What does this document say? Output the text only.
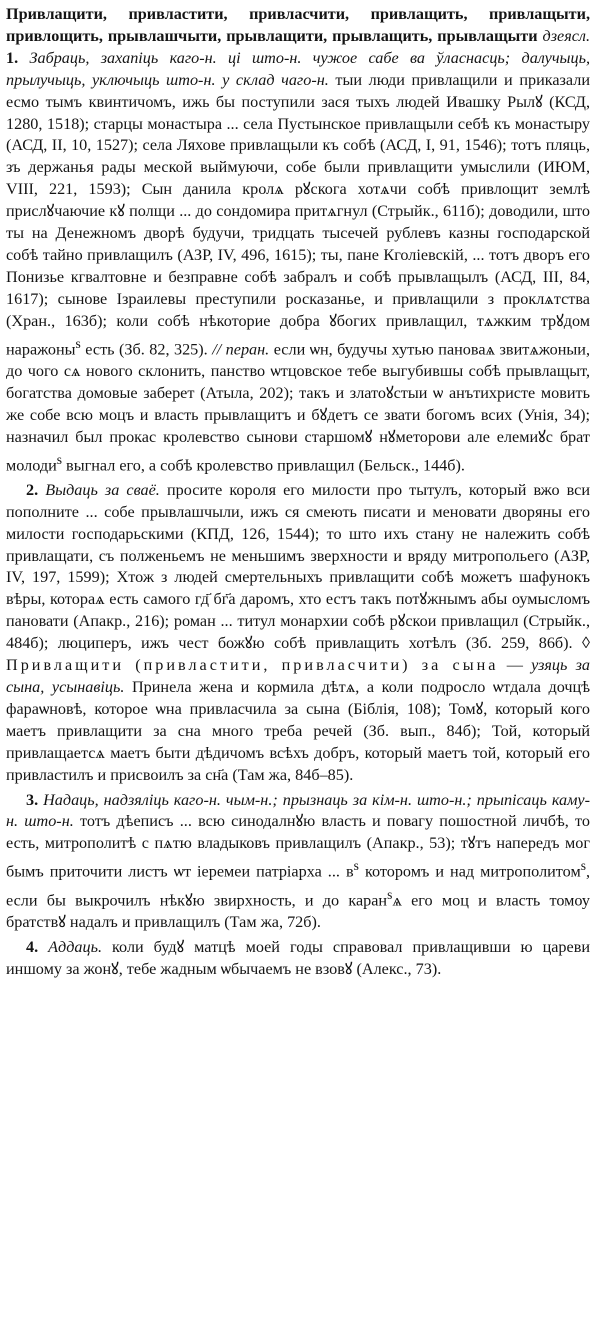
Привлащити, привластити, привласчити, привлащить, привлащыти, привлощить, прывлашчыти, прывлащити, прывлащить, прывлащыти дзеясл. 1. Забраць, захапіць каго-н. ці што-н. чужое сабе ва ўласнасць; далучыць, прылучыць, уключыць што-н. у склад чаго-н. тыи люди привлащили и приказали есмо тымъ квинтичомъ, ижь бы поступили зася тыхъ людей Ивашку Рылꙋ (КСД, 1280, 1518); старцы монастыра ... села Пустынское привлащыли себѣ къ монастыру (АСД, II, 10, 1527); села Ляхове привлащыли къ собѣ (АСД, I, 91, 1546); тотъ пляць, зъ держанья рады меской выймуючи, собе были привлащити умыслили (ИЮМ, VIII, 221, 1593); Сын данила кролѧ рꙋскога хотѧчи собѣ привлощит землѣ прислꙋчаючие кꙋ полщи ... до сондомира притѧгнул (Стрыйк., 611б); доводили, што ты на Денежномъ дворѣ будучи, тридцать тысечей рублевъ казны господарской собѣ тайно привлащилъ (АЗР, IV, 496, 1615); ты, пане Кголіевскій, ... тотъ дворъ его Понизье кгвалтовне и безправне собѣ забралъ и собѣ прывлащылъ (АСД, III, 84, 1617); сынове Ізраилевы преступили росказанье, и привлащили з проклѧтства (Хран., 163б); коли собѣ нѣкоторие добра ꙋбогих привлащил, тѧжким трꙋдом наражоны$^s$ есть (Зб. 82, 325). // перан. если ѡн, будучы хутью пановаѧ звитѧжоныи, до чого сѧ нового склонить, панство ѡтцовское тебе выгубившы собѣ прывлащыт, богатства домовые заберет (Атыла, 202); такъ и златоꙋстыи ѡ анътихристе мовить же собе всю моцъ и власть прывлащитъ и бꙋдетъ се звати богомъ всих (Унія, 34); назначил был прокас кролевство сынови старшомꙋ нꙋметорови але елемиꙋс брат молоди$^s$ выгнал его, а собѣ кролевство привлащил (Бельск., 144б).

2. Выдаць за сваё. просите короля его милости про тытулъ, который вжо вси пополните ... собе прывлашчыли, ижъ ся смеють писати и меновати дворяны его милости господарьскими (КПД, 126, 1544); то што ихъ стану не належить собѣ привлащати, съ полженьемъ не меньшимъ зверхности и вряду митропольего (АЗР, IV, 197, 1599); Хтож з людей смертельныхъ привлащити собѣ можетъ шафунокъ вѣры, котораѧ есть самого гд҃ бг҃а даромъ, хто естъ такъ потꙋжнымъ абы оумысломъ пановати (Апакр., 216); роман ... титул монархии собѣ рꙋскои привлащил (Стрыйк., 484б); люциперъ, ижъ чест божꙋю собѣ привлащить хотѣлъ (Зб. 259, 86б). ◊ Привлащити (привластити, привласчити) за сына — узяць за сына, усынавіць. Принела жена и кормила дѣтѧ, а коли подросло ѡтдала дочцѣ фараѡновѣ, которое ѡна привлaсчила за сына (Біблія, 108); Томꙋ, который кого маетъ привлащити за сна много треба речей (Зб. вып., 84б); Той, который привлащаетсѧ маетъ быти дѣдичомъ всѣхъ добръ, который маетъ той, который его привластилъ и присвоилъ за сн҃а (Там жа, 84б–85).

3. Надаць, надзяліць каго-н. чым-н.; прызнаць за кім-н. што-н.; прыпісаць каму-н. што-н. тотъ дѣеписъ ... всю синодалнꙋю власть и повагу пошостной личбѣ, то есть, митрополитѣ с пѧтю владыковъ привлащилъ (Апакр., 53); тꙋтъ напередъ мог бымъ приточити листъ ѡт іеремеи патріарха ... $в^s$ которомъ и над митрополитом$^s$, если бы выкрочилъ нѣкꙋю звирхность, и до каран$^s$ѧ его моц и власть томоу братствꙋ надалъ и привлащилъ (Там жа, 72б).

4. Аддаць. коли будꙋ матцѣ моей годы справовал привлащивши ю цареви иншому за жонꙋ, тебе жадным ѡбычаемъ не взовꙋ (Алекс., 73).
